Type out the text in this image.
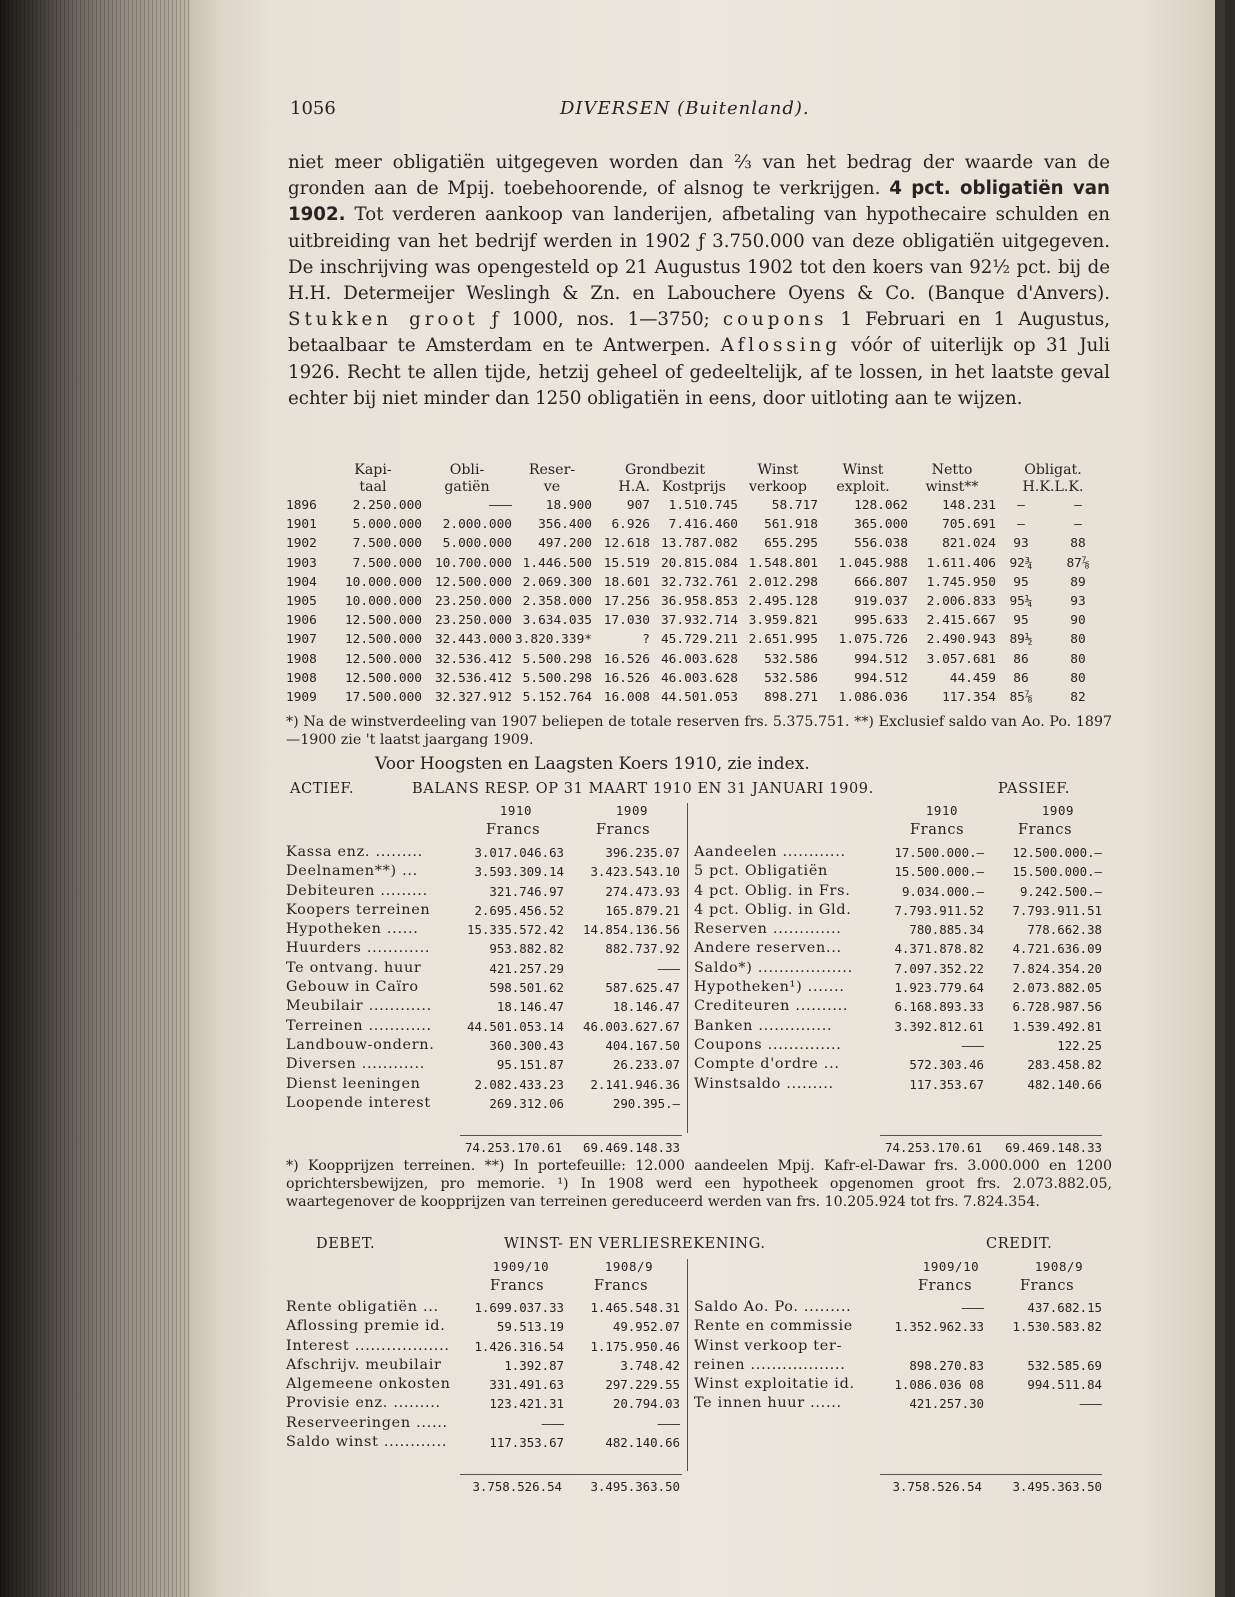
1056	DIVERSEN (Buitenland).

niet meer obligatiën uitgegeven worden dan ⅔ van het bedrag der waarde van de gronden aan de Mpij. toebehoorende, of alsnog te verkrijgen. 4 pct. obligatiën van 1902. Tot verderen aankoop van landerijen, afbetaling van hypothecaire schulden en uitbreiding van het bedrijf werden in 1902 ƒ 3.750.000 van deze obligatiën uitgegeven. De inschrijving was opengesteld op 21 Augustus 1902 tot den koers van 92½ pct. bij de H.H. Determeijer Weslingh & Zn. en Labouchere Oyens & Co. (Banque d'Anvers). Stukken groot ƒ 1000, nos. 1—3750; coupons 1 Februari en 1 Augustus, betaalbaar te Amsterdam en te Antwerpen. Aflossing vóór of uiterlijk op 31 Juli 1926. Recht te allen tijde, hetzij geheel of gedeeltelijk, af te lossen, in het laatste geval echter bij niet minder dan 1250 obligatiën in eens, door uitloting aan te wijzen.

	Kapi-	Obli-	Reser-	Grondbezit		Winst	Winst	Netto	Obligat.	
	taal	gatiën	ve	H.A.	Kostprijs	verkoop	exploit.	winst**	H.K.L.K.	
1896	2.250.000	———	18.900	907	1.510.745	58.717	128.062	148.231	—	—
1901	5.000.000	2.000.000	356.400	6.926	7.416.460	561.918	365.000	705.691	—	—
1902	7.500.000	5.000.000	497.200	12.618	13.787.082	655.295	556.038	821.024	93	88
1903	7.500.000	10.700.000	1.446.500	15.519	20.815.084	1.548.801	1.045.988	1.611.406	92¾	87⅞
1904	10.000.000	12.500.000	2.069.300	18.601	32.732.761	2.012.298	666.807	1.745.950	95	89
1905	10.000.000	23.250.000	2.358.000	17.256	36.958.853	2.495.128	919.037	2.006.833	95¼	93
1906	12.500.000	23.250.000	3.634.035	17.030	37.932.714	3.959.821	995.633	2.415.667	95	90
1907	12.500.000	32.443.000	3.820.339*	?	45.729.211	2.651.995	1.075.726	2.490.943	89½	80
1908	12.500.000	32.536.412	5.500.298	16.526	46.003.628	532.586	994.512	3.057.681	86	80
1908	12.500.000	32.536.412	5.500.298	16.526	46.003.628	532.586	994.512	44.459	86	80
1909	17.500.000	32.327.912	5.152.764	16.008	44.501.053	898.271	1.086.036	117.354	85⅞	82
*) Na de winstverdeeling van 1907 beliepen de totale reserven frs. 5.375.751. **) Exclusief saldo van Ao. Po. 1897—1900 zie 't laatst jaargang 1909.
Voor Hoogsten en Laagsten Koers 1910, zie index.
ACTIEF.	BALANS RESP. OP 31 MAART 1910 EN 31 JANUARI 1909.	PASSIEF.
1910	1909
Francs	Francs
1910	1909
Francs	Francs
Kassa enz. .........	3.017.046.63	396.235.07
Deelnamen**) ...	3.593.309.14	3.423.543.10
Debiteuren .........	321.746.97	274.473.93
Koopers terreinen	2.695.456.52	165.879.21
Hypotheken ......	15.335.572.42	14.854.136.56
Huurders ............	953.882.82	882.737.92
Te ontvang. huur	421.257.29	———
Gebouw in Caïro	598.501.62	587.625.47
Meubilair ............	18.146.47	18.146.47
Terreinen ............	44.501.053.14	46.003.627.67
Landbouw-ondern.	360.300.43	404.167.50
Diversen ............	95.151.87	26.233.07
Dienst leeningen	2.082.433.23	2.141.946.36
Loopende interest	269.312.06	290.395.—
Aandeelen ............	17.500.000.—	12.500.000.—
5 pct. Obligatiën	15.500.000.—	15.500.000.—
4 pct. Oblig. in Frs.	9.034.000.—	9.242.500.—
4 pct. Oblig. in Gld.	7.793.911.52	7.793.911.51
Reserven .............	780.885.34	778.662.38
Andere reserven...	4.371.878.82	4.721.636.09
Saldo*) ..................	7.097.352.22	7.824.354.20
Hypotheken¹) .......	1.923.779.64	2.073.882.05
Crediteuren ..........	6.168.893.33	6.728.987.56
Banken ..............	3.392.812.61	1.539.492.81
Coupons ..............	———	122.25
Compte d'ordre ...	572.303.46	283.458.82
Winstsaldo .........	117.353.67	482.140.66
74.253.170.61	69.469.148.33	74.253.170.61	69.469.148.33
*) Koopprijzen terreinen. **) In portefeuille: 12.000 aandeelen Mpij. Kafr-el-Dawar frs. 3.000.000 en 1200 oprichtersbewijzen, pro memorie. ¹) In 1908 werd een hypotheek opgenomen groot frs. 2.073.882.05, waartegenover de koopprijzen van terreinen gereduceerd werden van frs. 10.205.924 tot frs. 7.824.354.
DEBET.	WINST- EN VERLIESREKENING.	CREDIT.
1909/10	1908/9
Francs	Francs
1909/10	1908/9
Francs	Francs
Rente obligatiën ...	1.699.037.33	1.465.548.31
Aflossing premie id.	59.513.19	49.952.07
Interest ..................	1.426.316.54	1.175.950.46
Afschrijv. meubilair	1.392.87	3.748.42
Algemeene onkosten	331.491.63	297.229.55
Provisie enz. .........	123.421.31	20.794.03
Reserveeringen ......	———	———
Saldo winst ............	117.353.67	482.140.66
Saldo Ao. Po. .........	———	437.682.15
Rente en commissie	1.352.962.33	1.530.583.82
Winst verkoop ter-		
reinen ..................	898.270.83	532.585.69
Winst exploitatie id.	1.086.036 08	994.511.84
Te innen huur ......	421.257.30	———
3.758.526.54	3.495.363.50	3.758.526.54	3.495.363.50
